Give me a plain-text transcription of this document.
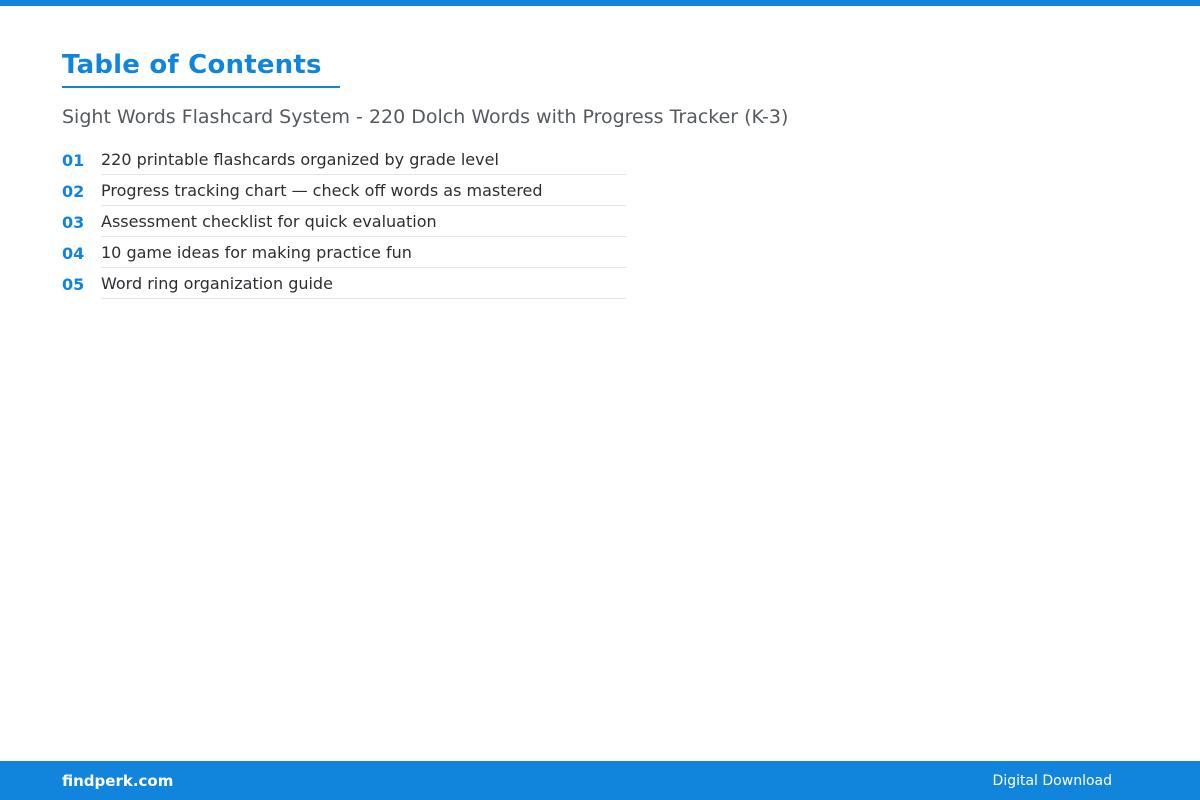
Table of Contents
Sight Words Flashcard System - 220 Dolch Words with Progress Tracker (K-3)
01	220 printable flashcards organized by grade level
02	Progress tracking chart — check off words as mastered
03	Assessment checklist for quick evaluation
04	10 game ideas for making practice fun
05	Word ring organization guide
findperk.com	Digital Download
